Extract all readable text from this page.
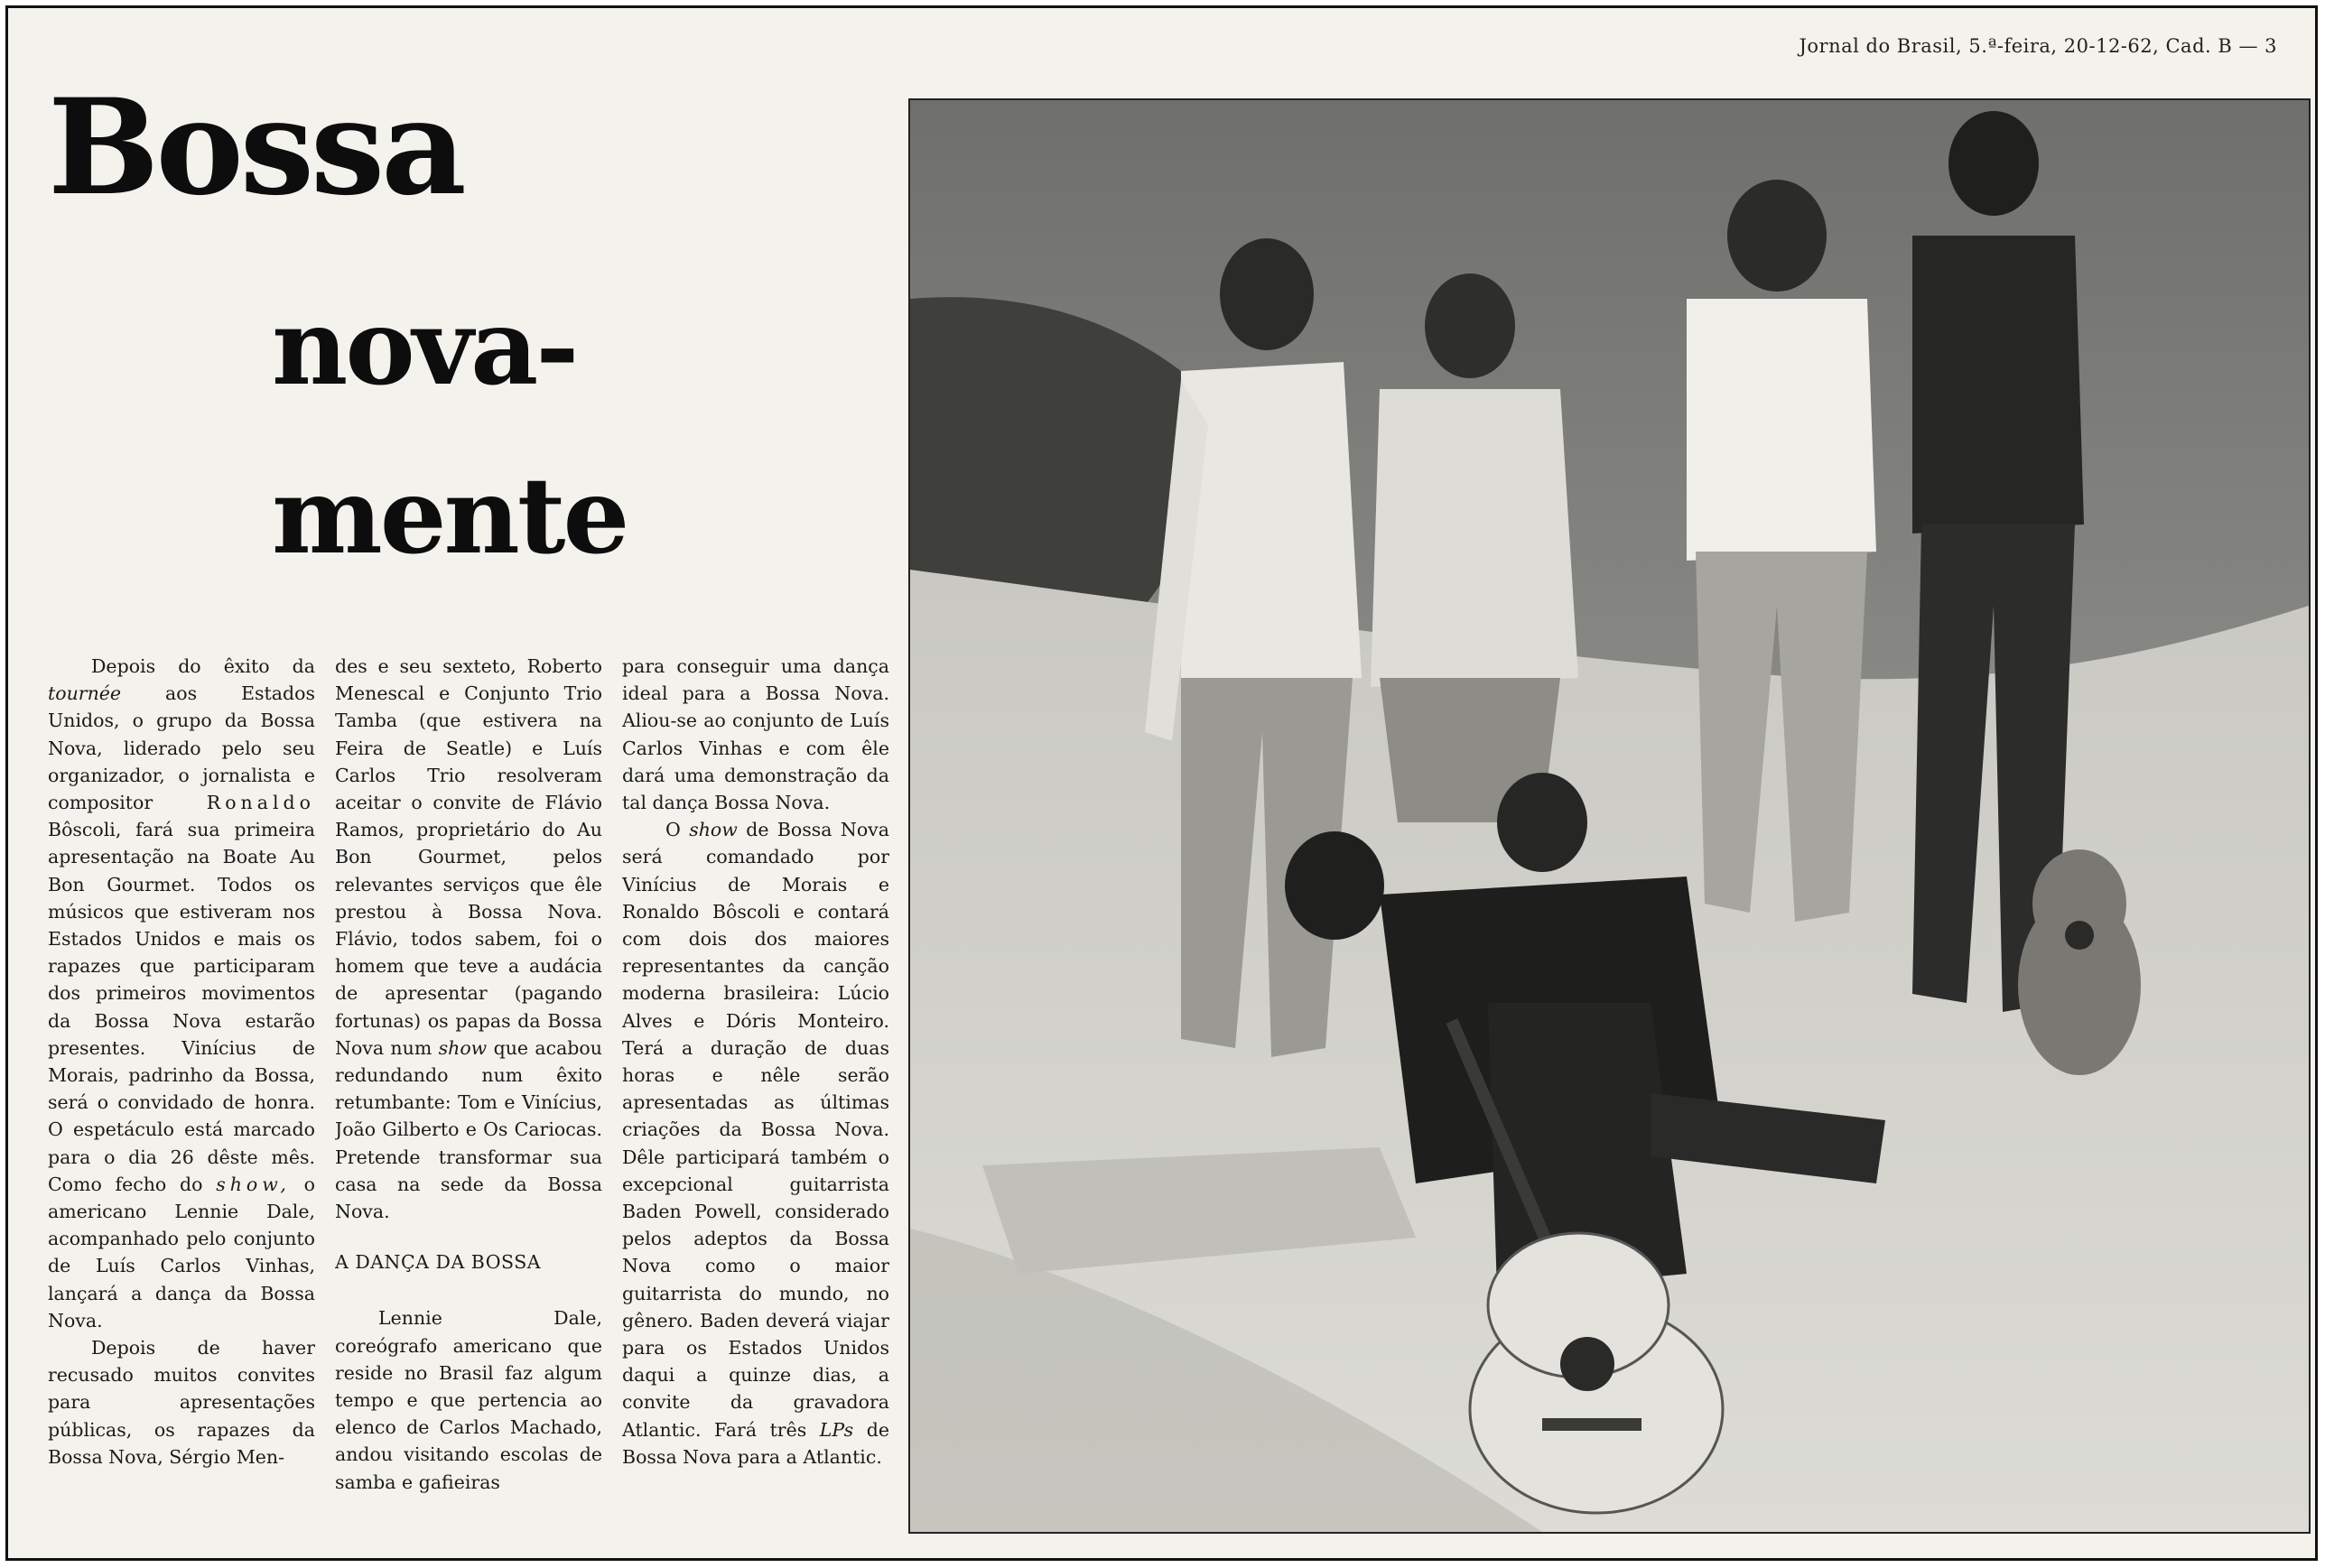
Jornal do Brasil, 5.ª-feira, 20-12-62, Cad. B — 3
Bossa
nova-
mente

Depois do êxito da tournée aos Estados Unidos, o grupo da Bossa Nova, liderado pelo seu organizador, o jornalista e compositor	Ronaldo Bôscoli, fará sua primeira apresentação na Boate Au Bon Gourmet. Todos os músicos que estiveram nos Estados Unidos e mais os rapazes que participaram dos primeiros movimentos da Bossa Nova estarão presentes. Vinícius de Morais, padrinho da Bossa, será o convidado de honra. O espetáculo está marcado para o dia 26 dêste mês. Como fecho do show, o americano Lennie Dale, acompanhado pelo conjunto de Luís Carlos Vinhas, lançará a dança da Bossa Nova.

Depois de haver recusado muitos convites para apresentações públicas, os rapazes da Bossa Nova, Sérgio Men-

des e seu sexteto, Roberto Menescal e Conjunto Trio Tamba (que estivera na Feira de Seatle) e Luís Carlos Trio resolveram aceitar o convite de Flávio Ramos, proprietário do Au Bon Gourmet, pelos relevantes serviços que êle prestou à Bossa Nova. Flávio, todos sabem, foi o homem que teve a audácia de apresentar (pagando fortunas) os papas da Bossa Nova num show que acabou redundando num êxito retumbante: Tom e Vinícius, João Gilberto e Os Cariocas. Pretende transformar sua casa na sede da Bossa Nova.

A DANÇA DA BOSSA

Lennie Dale, coreógrafo americano que reside no Brasil faz algum tempo e que pertencia ao elenco de Carlos Machado, andou visitando escolas de samba e gafieiras

para conseguir uma dança ideal para a Bossa Nova. Aliou-se ao conjunto de Luís Carlos Vinhas e com êle dará uma demonstração da tal dança Bossa Nova.

O show de Bossa Nova será comandado por Vinícius de Morais e Ronaldo Bôscoli e contará com dois dos maiores representantes da canção moderna brasileira: Lúcio Alves e Dóris Monteiro. Terá a duração de duas horas e nêle serão apresentadas as últimas criações da Bossa Nova. Dêle participará também o excepcional guitarrista Baden Powell, considerado pelos adeptos da Bossa Nova como o maior guitarrista do mundo, no gênero. Baden deverá viajar para os Estados Unidos daqui a quinze dias, a convite da gravadora Atlantic. Fará três LPs de Bossa Nova para a Atlantic.
